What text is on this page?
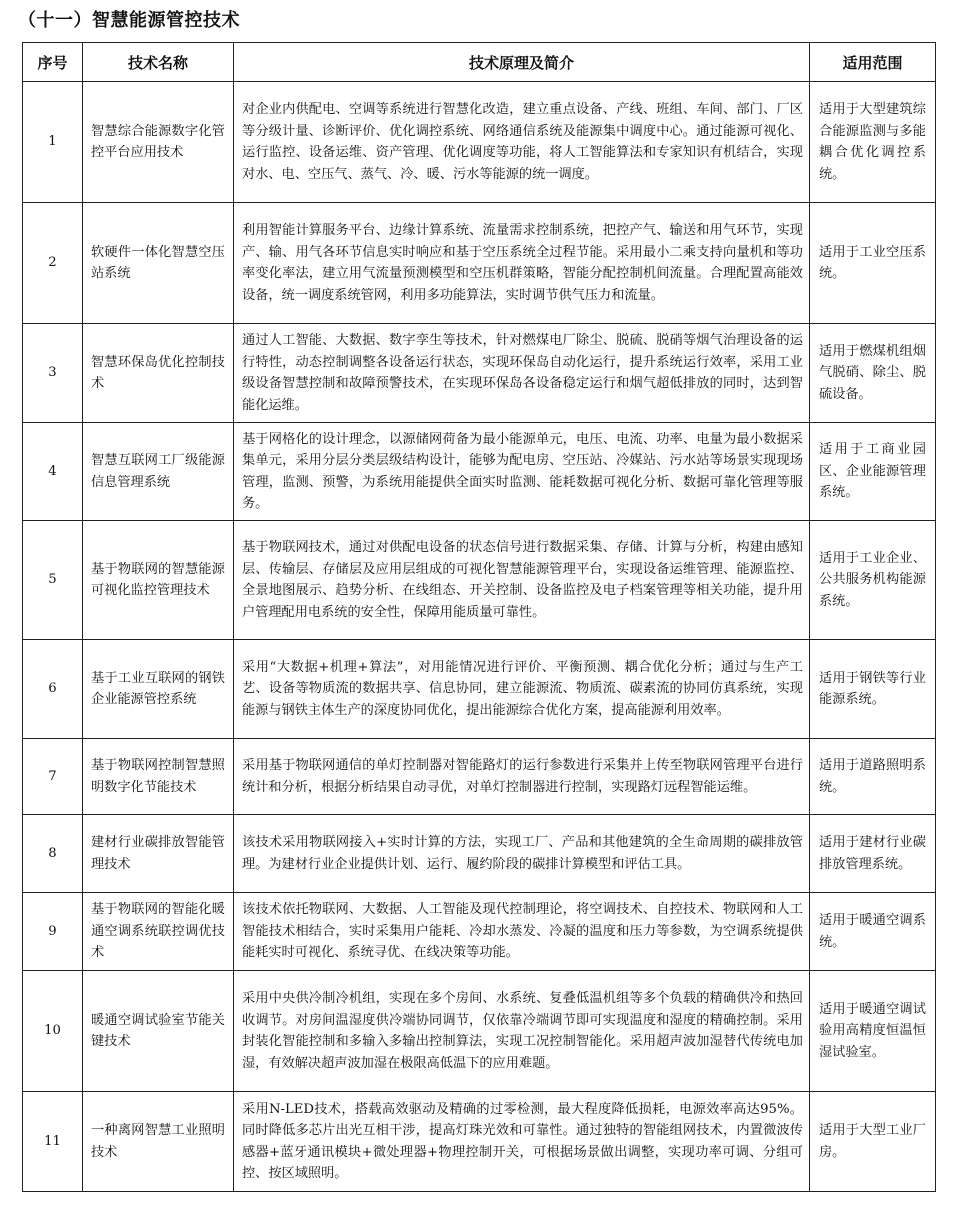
（十一）智慧能源管控技术
序号	技术名称	技术原理及简介	适用范围
1	智慧综合能源数字化管控平台应用技术	对企业内供配电、空调等系统进行智慧化改造，建立重点设备、产线、班组、车间、部门、厂区等分级计量、诊断评价、优化调控系统、网络通信系统及能源集中调度中心。通过能源可视化、运行监控、设备运维、资产管理、优化调度等功能，将人工智能算法和专家知识有机结合，实现对水、电、空压气、蒸气、冷、暖、污水等能源的统一调度。	适用于大型建筑综合能源监测与多能耦合优化调控系统。
2	软硬件一体化智慧空压站系统	利用智能计算服务平台、边缘计算系统、流量需求控制系统，把控产气、输送和用气环节，实现产、输、用气各环节信息实时响应和基于空压系统全过程节能。采用最小二乘支持向量机和等功率变化率法，建立用气流量预测模型和空压机群策略，智能分配控制机间流量。合理配置高能效设备，统一调度系统管网，利用多功能算法，实时调节供气压力和流量。	适用于工业空压系统。
3	智慧环保岛优化控制技术	通过人工智能、大数据、数字孪生等技术，针对燃煤电厂除尘、脱硫、脱硝等烟气治理设备的运行特性，动态控制调整各设备运行状态，实现环保岛自动化运行，提升系统运行效率，采用工业级设备智慧控制和故障预警技术，在实现环保岛各设备稳定运行和烟气超低排放的同时，达到智能化运维。	适用于燃煤机组烟气脱硝、除尘、脱硫设备。
4	智慧互联网工厂级能源信息管理系统	基于网格化的设计理念，以源储网荷备为最小能源单元，电压、电流、功率、电量为最小数据采集单元，采用分层分类层级结构设计，能够为配电房、空压站、冷媒站、污水站等场景实现现场管理，监测、预警，为系统用能提供全面实时监测、能耗数据可视化分析、数据可靠化管理等服务。	适用于工商业园区、企业能源管理系统。
5	基于物联网的智慧能源可视化监控管理技术	基于物联网技术，通过对供配电设备的状态信号进行数据采集、存储、计算与分析，构建由感知层、传输层、存储层及应用层组成的可视化智慧能源管理平台，实现设备运维管理、能源监控、全景地图展示、趋势分析、在线组态、开关控制、设备监控及电子档案管理等相关功能，提升用户管理配用电系统的安全性，保障用能质量可靠性。	适用于工业企业、公共服务机构能源系统。
6	基于工业互联网的钢铁企业能源管控系统	采用“大数据+机理+算法”，对用能情况进行评价、平衡预测、耦合优化分析；通过与生产工艺、设备等物质流的数据共享、信息协同，建立能源流、物质流、碳素流的协同仿真系统，实现能源与钢铁主体生产的深度协同优化，提出能源综合优化方案，提高能源利用效率。	适用于钢铁等行业能源系统。
7	基于物联网控制智慧照明数字化节能技术	采用基于物联网通信的单灯控制器对智能路灯的运行参数进行采集并上传至物联网管理平台进行统计和分析，根据分析结果自动寻优，对单灯控制器进行控制，实现路灯远程智能运维。	适用于道路照明系统。
8	建材行业碳排放智能管理技术	该技术采用物联网接入+实时计算的方法，实现工厂、产品和其他建筑的全生命周期的碳排放管理。为建材行业企业提供计划、运行、履约阶段的碳排计算模型和评估工具。	适用于建材行业碳排放管理系统。
9	基于物联网的智能化暖通空调系统联控调优技术	该技术依托物联网、大数据、人工智能及现代控制理论，将空调技术、自控技术、物联网和人工智能技术相结合，实时采集用户能耗、冷却水蒸发、冷凝的温度和压力等参数，为空调系统提供能耗实时可视化、系统寻优、在线决策等功能。	适用于暖通空调系统。
10	暖通空调试验室节能关键技术	采用中央供冷制冷机组，实现在多个房间、水系统、复叠低温机组等多个负载的精确供冷和热回收调节。对房间温湿度供冷端协同调节，仅依靠冷端调节即可实现温度和湿度的精确控制。采用封装化智能控制和多输入多输出控制算法，实现工况控制智能化。采用超声波加湿替代传统电加湿，有效解决超声波加湿在极限高低温下的应用难题。	适用于暖通空调试验用高精度恒温恒湿试验室。
11	一种离网智慧工业照明技术	采用N-LED技术，搭载高效驱动及精确的过零检测，最大程度降低损耗，电源效率高达95%。同时降低多芯片出光互相干涉，提高灯珠光效和可靠性。通过独特的智能组网技术，内置微波传感器+蓝牙通讯模块+微处理器+物理控制开关，可根据场景做出调整，实现功率可调、分组可控、按区域照明。	适用于大型工业厂房。
